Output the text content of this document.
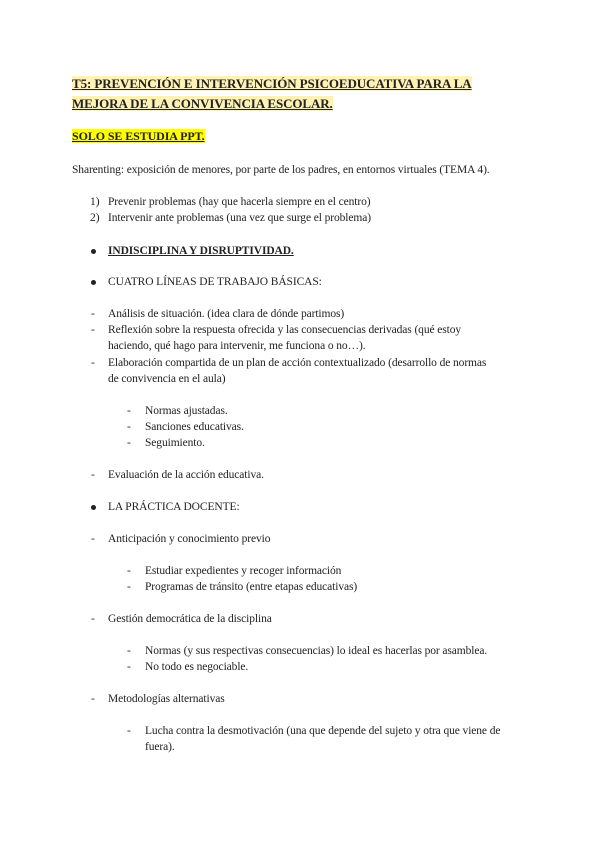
T5: PREVENCIÓN E INTERVENCIÓN PSICOEDUCATIVA PARA LA
MEJORA DE LA CONVIVENCIA ESCOLAR.
SOLO SE ESTUDIA PPT.
Sharenting: exposición de menores, por parte de los padres, en entornos virtuales (TEMA 4).
1) Prevenir problemas (hay que hacerla siempre en el centro)
2) Intervenir ante problemas (una vez que surge el problema)
INDISCIPLINA Y DISRUPTIVIDAD.
CUATRO LÍNEAS DE TRABAJO BÁSICAS:
- Análisis de situación. (idea clara de dónde partimos)
- Reflexión sobre la respuesta ofrecida y las consecuencias derivadas (qué estoy
haciendo, qué hago para intervenir, me funciona o no…).
- Elaboración compartida de un plan de acción contextualizado (desarrollo de normas
de convivencia en el aula)
- Normas ajustadas.
- Sanciones educativas.
- Seguimiento.
- Evaluación de la acción educativa.
LA PRÁCTICA DOCENTE:
- Anticipación y conocimiento previo
- Estudiar expedientes y recoger información
- Programas de tránsito (entre etapas educativas)
- Gestión democrática de la disciplina
- Normas (y sus respectivas consecuencias) lo ideal es hacerlas por asamblea.
- No todo es negociable.
- Metodologías alternativas
- Lucha contra la desmotivación (una que depende del sujeto y otra que viene de
fuera).
